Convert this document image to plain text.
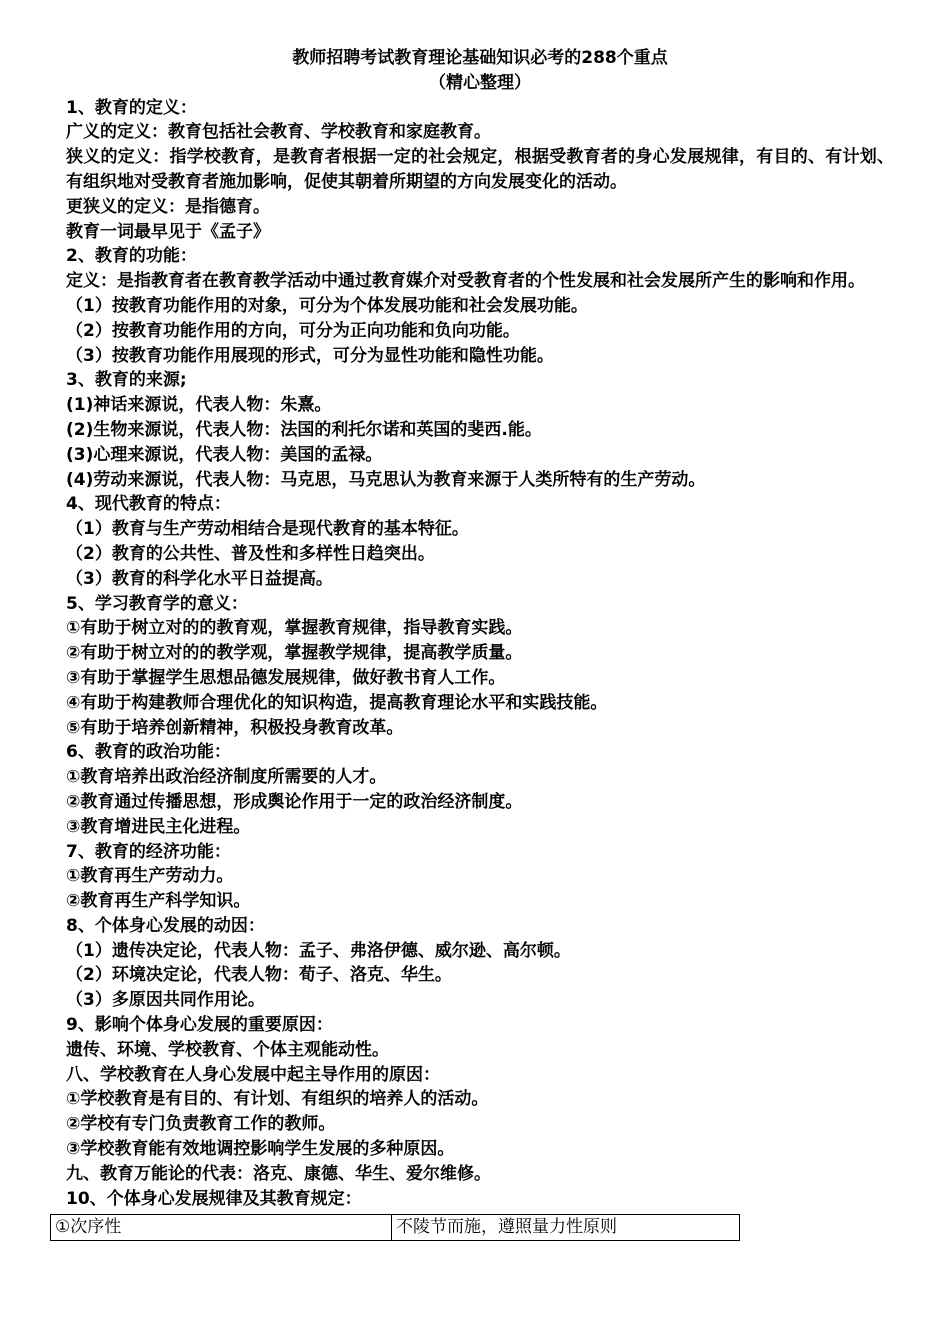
教师招聘考试教育理论基础知识必考的288个重点

（精心整理）

1、教育的定义：

广义的定义：教育包括社会教育、学校教育和家庭教育。

狭义的定义：指学校教育，是教育者根据一定的社会规定，根据受教育者的身心发展规律，有目的、有计划、有组织地对受教育者施加影响，促使其朝着所期望的方向发展变化的活动。

更狭义的定义：是指德育。

教育一词最早见于《孟子》

2、教育的功能：

定义：是指教育者在教育教学活动中通过教育媒介对受教育者的个性发展和社会发展所产生的影响和作用。

（1）按教育功能作用的对象，可分为个体发展功能和社会发展功能。

（2）按教育功能作用的方向，可分为正向功能和负向功能。

（3）按教育功能作用展现的形式，可分为显性功能和隐性功能。

3、教育的来源;

(1)神话来源说，代表人物：朱熹。

(2)生物来源说，代表人物：法国的利托尔诺和英国的斐西.能。

(3)心理来源说，代表人物：美国的孟禄。

(4)劳动来源说，代表人物：马克思，马克思认为教育来源于人类所特有的生产劳动。

4、现代教育的特点：

（1）教育与生产劳动相结合是现代教育的基本特征。

（2）教育的公共性、普及性和多样性日趋突出。

（3）教育的科学化水平日益提高。

5、学习教育学的意义：

①有助于树立对的的教育观，掌握教育规律，指导教育实践。

②有助于树立对的的教学观，掌握教学规律，提高教学质量。

③有助于掌握学生思想品德发展规律，做好教书育人工作。

④有助于构建教师合理优化的知识构造，提高教育理论水平和实践技能。

⑤有助于培养创新精神，积极投身教育改革。

6、教育的政治功能：

①教育培养出政治经济制度所需要的人才。

②教育通过传播思想，形成舆论作用于一定的政治经济制度。

③教育增进民主化进程。

7、教育的经济功能：

①教育再生产劳动力。

②教育再生产科学知识。

8、个体身心发展的动因：

（1）遗传决定论，代表人物：孟子、弗洛伊德、威尔逊、高尔顿。

（2）环境决定论，代表人物：荀子、洛克、华生。

（3）多原因共同作用论。

9、影响个体身心发展的重要原因：

遗传、环境、学校教育、个体主观能动性。

八、学校教育在人身心发展中起主导作用的原因：

①学校教育是有目的、有计划、有组织的培养人的活动。

②学校有专门负责教育工作的教师。

③学校教育能有效地调控影响学生发展的多种原因。

九、教育万能论的代表：洛克、康德、华生、爱尔维修。

10、个体身心发展规律及其教育规定：

①次序性	不陵节而施，遵照量力性原则
